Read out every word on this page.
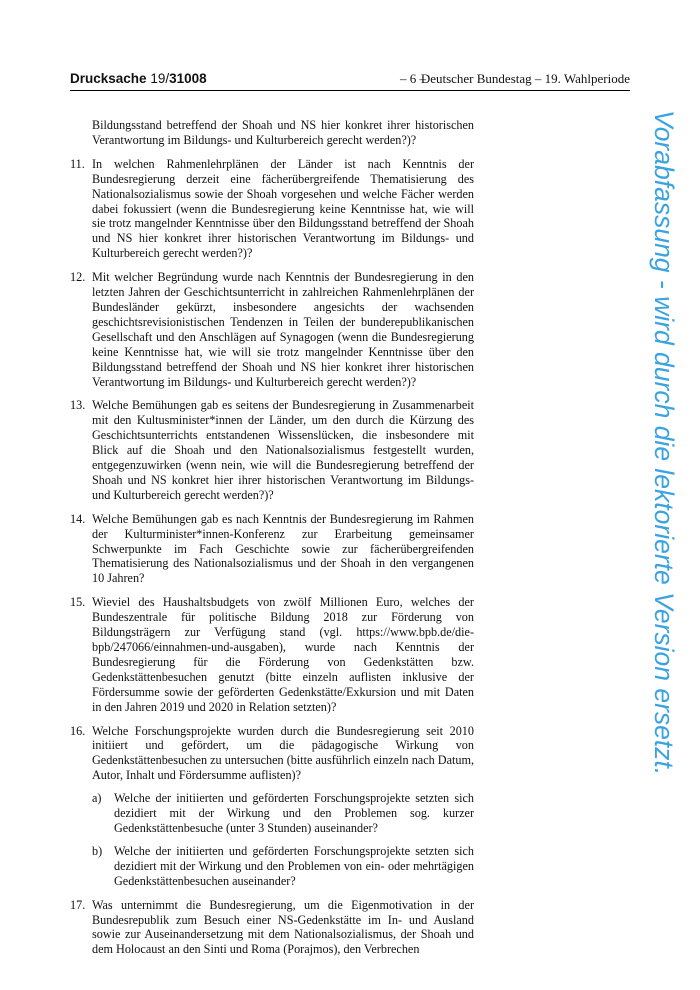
Drucksache 19/31008	– 6 –
Deutscher Bundestag – 19. Wahlperiode
Bildungsstand betreffend der Shoah und NS hier konkret ihrer historischen Verantwortung im Bildungs- und Kulturbereich gerecht werden?)?
11. In welchen Rahmenlehrplänen der Länder ist nach Kenntnis der Bundesregierung derzeit eine fächerübergreifende Thematisierung des Nationalsozialismus sowie der Shoah vorgesehen und welche Fächer werden dabei fokussiert (wenn die Bundesregierung keine Kenntnisse hat, wie will sie trotz mangelnder Kenntnisse über den Bildungsstand betreffend der Shoah und NS hier konkret ihrer historischen Verantwortung im Bildungs- und Kulturbereich gerecht werden?)?
12. Mit welcher Begründung wurde nach Kenntnis der Bundesregierung in den letzten Jahren der Geschichtsunterricht in zahlreichen Rahmenlehrplänen der Bundesländer gekürzt, insbesondere angesichts der wachsenden geschichtsrevisionistischen Tendenzen in Teilen der bunderepublikanischen Gesellschaft und den Anschlägen auf Synagogen (wenn die Bundesregierung keine Kenntnisse hat, wie will sie trotz mangelnder Kenntnisse über den Bildungsstand betreffend der Shoah und NS hier konkret ihrer historischen Verantwortung im Bildungs- und Kulturbereich gerecht werden?)?
13. Welche Bemühungen gab es seitens der Bundesregierung in Zusammenarbeit mit den Kultusminister*innen der Länder, um den durch die Kürzung des Geschichtsunterrichts entstandenen Wissenslücken, die insbesondere mit Blick auf die Shoah und den Nationalsozialismus festgestellt wurden, entgegenzuwirken (wenn nein, wie will die Bundesregierung betreffend der Shoah und NS konkret hier ihrer historischen Verantwortung im Bildungs- und Kulturbereich gerecht werden?)?
14. Welche Bemühungen gab es nach Kenntnis der Bundesregierung im Rahmen der Kulturminister*innen-Konferenz zur Erarbeitung gemeinsamer Schwerpunkte im Fach Geschichte sowie zur fächerübergreifenden Thematisierung des Nationalsozialismus und der Shoah in den vergangenen 10 Jahren?
15. Wieviel des Haushaltsbudgets von zwölf Millionen Euro, welches der Bundeszentrale für politische Bildung 2018 zur Förderung von Bildungsträgern zur Verfügung stand (vgl. https://www.bpb.de/die-bpb/247066/einnahmen-und-ausgaben), wurde nach Kenntnis der Bundesregierung für die Förderung von Gedenkstätten bzw. Gedenkstättenbesuchen genutzt (bitte einzeln auflisten inklusive der Fördersumme sowie der geförderten Gedenkstätte/Exkursion und mit Daten in den Jahren 2019 und 2020 in Relation setzten)?
16. Welche Forschungsprojekte wurden durch die Bundesregierung seit 2010 initiiert und gefördert, um die pädagogische Wirkung von Gedenkstättenbesuchen zu untersuchen (bitte ausführlich einzeln nach Datum, Autor, Inhalt und Fördersumme auflisten)?
a) Welche der initiierten und geförderten Forschungsprojekte setzten sich dezidiert mit der Wirkung und den Problemen sog. kurzer Gedenkstättenbesuche (unter 3 Stunden) auseinander?
b) Welche der initiierten und geförderten Forschungsprojekte setzten sich dezidiert mit der Wirkung und den Problemen von ein- oder mehrtägigen Gedenkstättenbesuchen auseinander?
17. Was unternimmt die Bundesregierung, um die Eigenmotivation in der Bundesrepublik zum Besuch einer NS-Gedenkstätte im In- und Ausland sowie zur Auseinandersetzung mit dem Nationalsozialismus, der Shoah und dem Holocaust an den Sinti und Roma (Porajmos), den Verbrechen
Vorabfassung - wird durch die lektorierte Version ersetzt.
